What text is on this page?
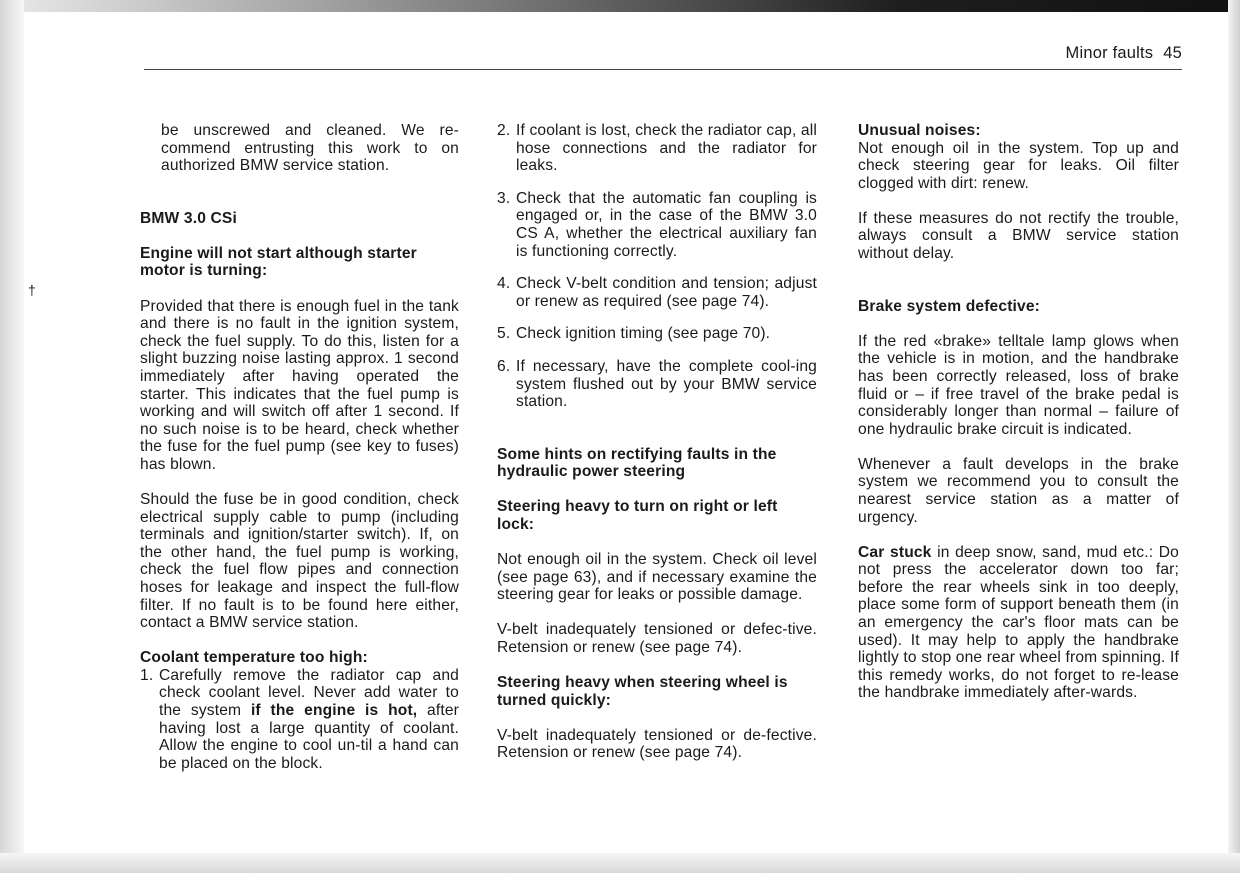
†
Minor faults 45

be unscrewed and cleaned. We re-commend entrusting this work to on authorized BMW service station.

BMW 3.0 CSi

Engine will not start although starter motor is turning:

Provided that there is enough fuel in the tank and there is no fault in the ignition system, check the fuel supply. To do this, listen for a slight buzzing noise lasting approx. 1 second immediately after having operated the starter. This indicates that the fuel pump is working and will switch off after 1 second. If no such noise is to be heard, check whether the fuse for the fuel pump (see key to fuses) has blown.

Should the fuse be in good condition, check electrical supply cable to pump (including terminals and ignition/starter switch). If, on the other hand, the fuel pump is working, check the fuel flow pipes and connection hoses for leakage and inspect the full-flow filter. If no fault is to be found here either, contact a BMW service station.

Coolant temperature too high:

1. Carefully remove the radiator cap and check coolant level. Never add water to the system if the engine is hot, after having lost a large quantity of coolant. Allow the engine to cool un-til a hand can be placed on the block.
2. If coolant is lost, check the radiator cap, all hose connections and the radiator for leaks.
3. Check that the automatic fan coupling is engaged or, in the case of the BMW 3.0 CS A, whether the electrical auxiliary fan is functioning correctly.
4. Check V-belt condition and tension; adjust or renew as required (see page 74).
5. Check ignition timing (see page 70).
6. If necessary, have the complete cool-ing system flushed out by your BMW service station.

Some hints on rectifying faults in the hydraulic power steering

Steering heavy to turn on right or left lock:

Not enough oil in the system. Check oil level (see page 63), and if necessary examine the steering gear for leaks or possible damage.

V-belt inadequately tensioned or defec-tive. Retension or renew (see page 74).

Steering heavy when steering wheel is turned quickly:

V-belt inadequately tensioned or de-fective. Retension or renew (see page 74).

Unusual noises:

Not enough oil in the system. Top up and check steering gear for leaks. Oil filter clogged with dirt: renew.

If these measures do not rectify the trouble, always consult a BMW service station without delay.

Brake system defective:

If the red «brake» telltale lamp glows when the vehicle is in motion, and the handbrake has been correctly released, loss of brake fluid or – if free travel of the brake pedal is considerably longer than normal – failure of one hydraulic brake circuit is indicated.

Whenever a fault develops in the brake system we recommend you to consult the nearest service station as a matter of urgency.

Car stuck in deep snow, sand, mud etc.: Do not press the accelerator down too far; before the rear wheels sink in too deeply, place some form of support beneath them (in an emergency the car's floor mats can be used). It may help to apply the handbrake lightly to stop one rear wheel from spinning. If this remedy works, do not forget to re-lease the handbrake immediately after-wards.
